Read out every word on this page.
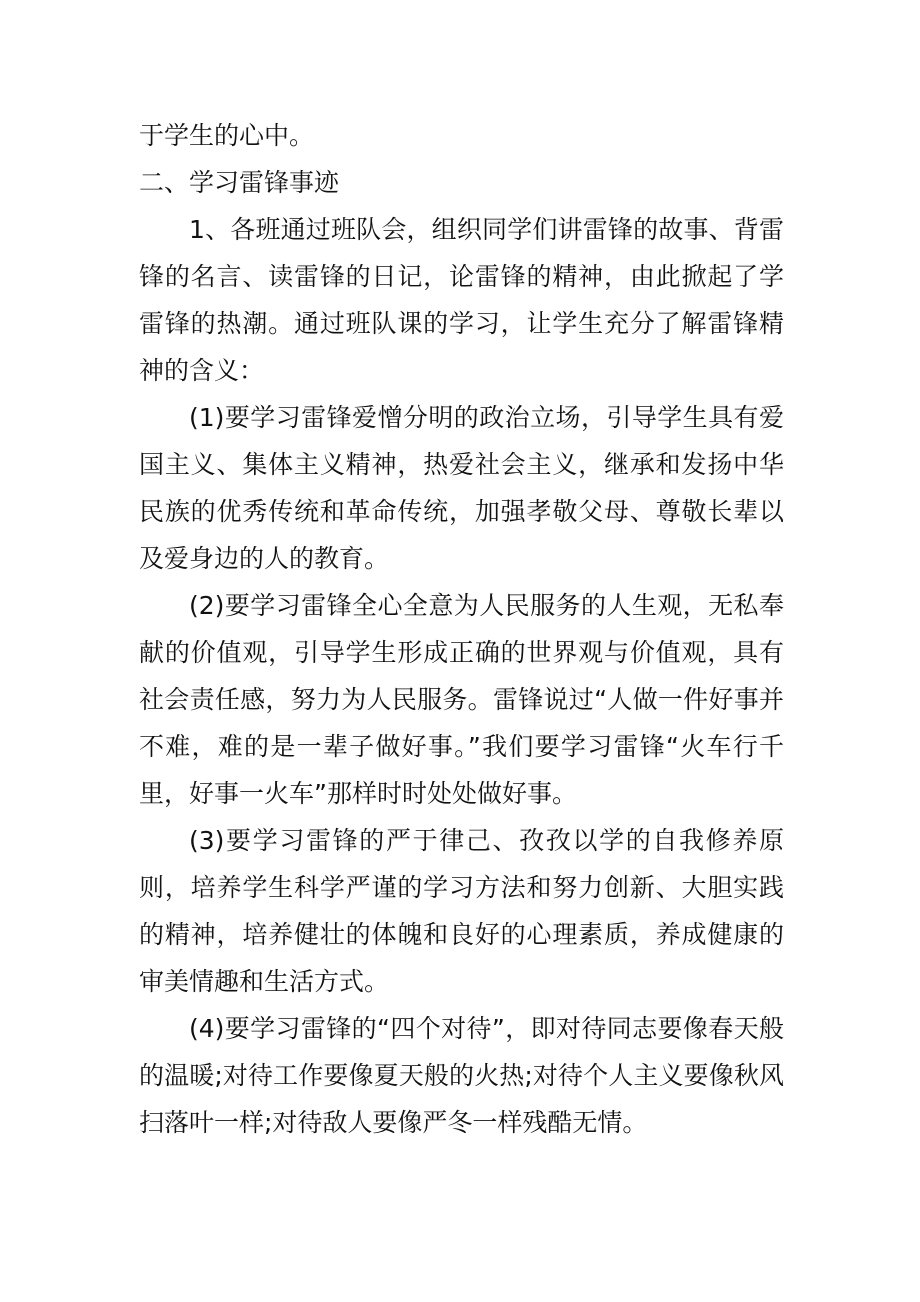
于学生的心中。

二、学习雷锋事迹

1、各班通过班队会，组织同学们讲雷锋的故事、背雷锋的名言、读雷锋的日记，论雷锋的精神，由此掀起了学雷锋的热潮。通过班队课的学习，让学生充分了解雷锋精神的含义：

(1)要学习雷锋爱憎分明的政治立场，引导学生具有爱国主义、集体主义精神，热爱社会主义，继承和发扬中华民族的优秀传统和革命传统，加强孝敬父母、尊敬长辈以及爱身边的人的教育。

(2)要学习雷锋全心全意为人民服务的人生观，无私奉献的价值观，引导学生形成正确的世界观与价值观，具有社会责任感，努力为人民服务。雷锋说过“人做一件好事并不难，难的是一辈子做好事。”我们要学习雷锋“火车行千里，好事一火车”那样时时处处做好事。

(3)要学习雷锋的严于律己、孜孜以学的自我修养原则，培养学生科学严谨的学习方法和努力创新、大胆实践的精神，培养健壮的体魄和良好的心理素质，养成健康的审美情趣和生活方式。

(4)要学习雷锋的“四个对待”，即对待同志要像春天般的温暖;对待工作要像夏天般的火热;对待个人主义要像秋风扫落叶一样;对待敌人要像严冬一样残酷无情。
